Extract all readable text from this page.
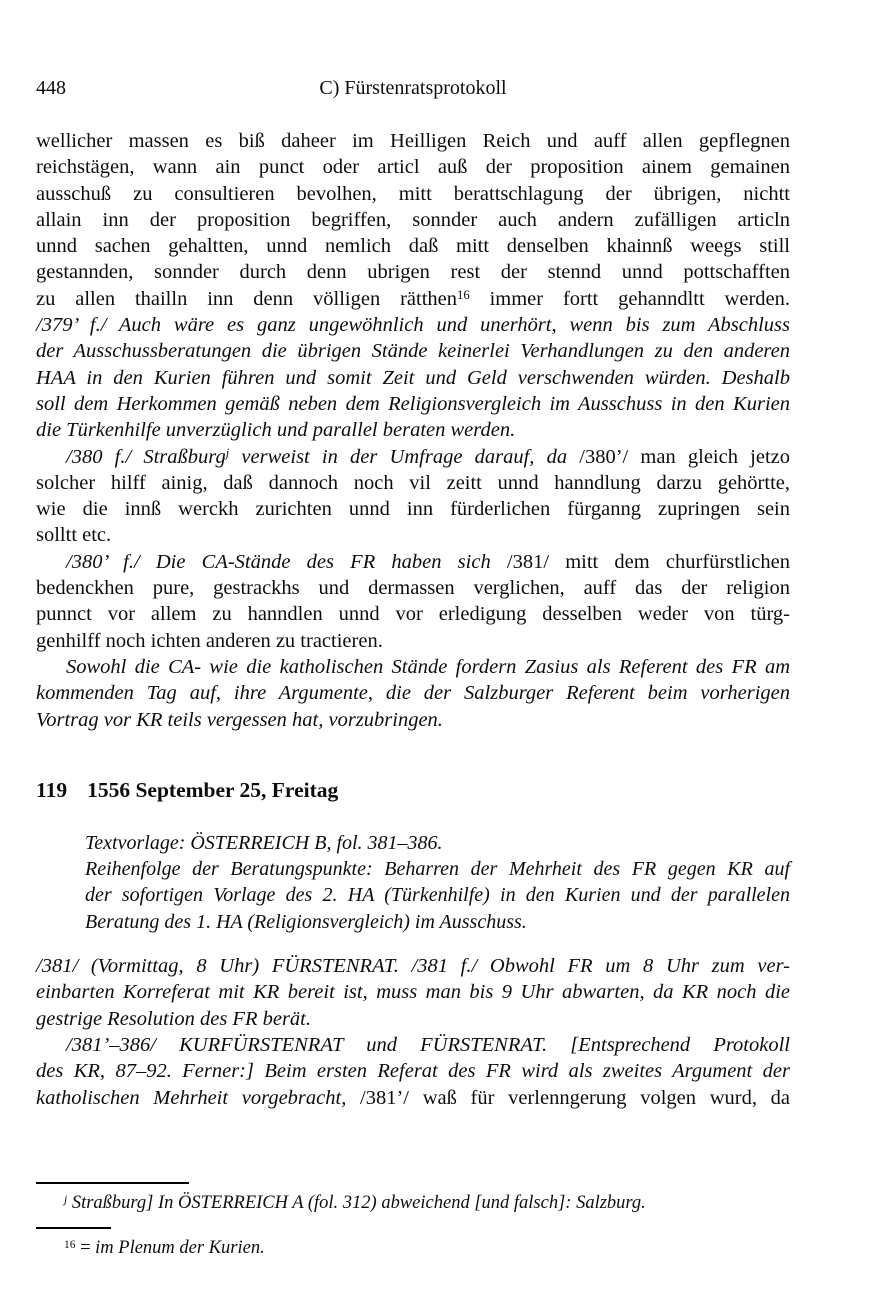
448	C) Fürstenratsprotokoll
wellicher massen es biß daheer im Heilligen Reich und auff allen gepflegnen
reichstägen, wann ain punct oder articl auß der proposition ainem gemainen
ausschuß zu consultieren bevolhen, mitt berattschlagung der übrigen, nichtt
allain inn der proposition begriffen, sonnder auch andern zufälligen articln
unnd sachen gehaltten, unnd nemlich daß mitt denselben khainnß weegs still
gestannden, sonnder durch denn ubrigen rest der stennd unnd pottschafften
zu allen thailln inn denn völligen rätthen$^{16}$ immer fortt gehanndltt werden.
/379’ f./ Auch wäre es ganz ungewöhnlich und unerhört, wenn bis zum Abschluss
der Ausschussberatungen die übrigen Stände keinerlei Verhandlungen zu den anderen
HAA in den Kurien führen und somit Zeit und Geld verschwenden würden. Deshalb
soll dem Herkommen gemäß neben dem Religionsvergleich im Ausschuss in den Kurien
die Türkenhilfe unverzüglich und parallel beraten werden.
/380 f./ Straßburg$^j$ verweist in der Umfrage darauf, da /380’/ man gleich jetzo
solcher hilff ainig, daß dannoch noch vil zeitt unnd hanndlung darzu gehörtte,
wie die innß werckh zurichten unnd inn fürderlichen fürganng zupringen sein
solltt etc.
/380’ f./ Die CA-Stände des FR haben sich /381/ mitt dem churfürstlichen
bedenckhen pure, gestrackhs und dermassen verglichen, auff das der religion
punnct vor allem zu hanndlen unnd vor erledigung desselben weder von türg-
genhilff noch ichten anderen zu tractieren.
Sowohl die CA- wie die katholischen Stände fordern Zasius als Referent des FR am
kommenden Tag auf, ihre Argumente, die der Salzburger Referent beim vorherigen
Vortrag vor KR teils vergessen hat, vorzubringen.
119 1556 September 25, Freitag
Textvorlage: ÖSTERREICH B, fol. 381–386.
Reihenfolge der Beratungspunkte: Beharren der Mehrheit des FR gegen KR auf
der sofortigen Vorlage des 2. HA (Türkenhilfe) in den Kurien und der parallelen
Beratung des 1. HA (Religionsvergleich) im Ausschuss.
/381/ (Vormittag, 8 Uhr) FÜRSTENRAT. /381 f./ Obwohl FR um 8 Uhr zum ver-
einbarten Korreferat mit KR bereit ist, muss man bis 9 Uhr abwarten, da KR noch die
gestrige Resolution des FR berät.
/381’–386/ KURFÜRSTENRAT und FÜRSTENRAT. [Entsprechend Protokoll
des KR, 87–92. Ferner:] Beim ersten Referat des FR wird als zweites Argument der
katholischen Mehrheit vorgebracht, /381’/ waß für verlenngerung volgen wurd, da
$^j$ Straßburg] In ÖSTERREICH A (fol. 312) abweichend [und falsch]: Salzburg.
$^{16}$ = im Plenum der Kurien.
